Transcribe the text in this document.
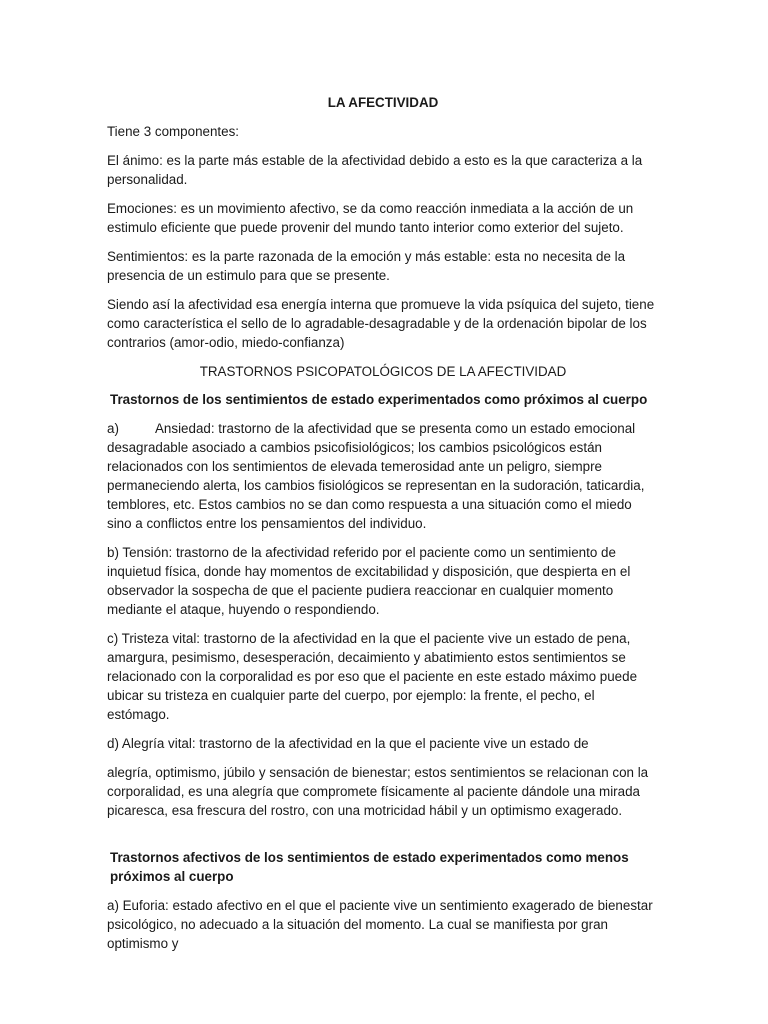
LA AFECTIVIDAD

Tiene 3 componentes:

El ánimo: es la parte más estable de la afectividad debido a esto es la que caracteriza a la personalidad.

Emociones: es un movimiento afectivo, se da como reacción inmediata a la acción de un estimulo eficiente que puede provenir del mundo tanto interior como exterior del sujeto.

Sentimientos: es la parte razonada de la emoción y más estable: esta no necesita de la presencia de un estimulo para que se presente.

Siendo así la afectividad esa energía interna que promueve la vida psíquica del sujeto, tiene como característica el sello de lo agradable-desagradable y de la ordenación bipolar de los contrarios (amor-odio, miedo-confianza)

TRASTORNOS PSICOPATOLÓGICOS DE LA AFECTIVIDAD

Trastornos de los sentimientos de estado experimentados como próximos al cuerpo

a)	Ansiedad: trastorno de la afectividad que se presenta como un estado emocional desagradable asociado a cambios psicofisiológicos; los cambios psicológicos están relacionados con los sentimientos de elevada temerosidad ante un peligro, siempre permaneciendo alerta, los cambios fisiológicos se representan en la sudoración, taticardia, temblores, etc. Estos cambios no se dan como respuesta a una situación como el miedo sino a conflictos entre los pensamientos del individuo.

b) Tensión: trastorno de la afectividad referido por el paciente como un sentimiento de inquietud física, donde hay momentos de excitabilidad y disposición, que despierta en el observador la sospecha de que el paciente pudiera reaccionar en cualquier momento mediante el ataque, huyendo o respondiendo.

c) Tristeza vital: trastorno de la afectividad en la que el paciente vive un estado de pena, amargura, pesimismo, desesperación, decaimiento y abatimiento estos sentimientos se relacionado con la corporalidad es por eso que el paciente en este estado máximo puede ubicar su tristeza en cualquier parte del cuerpo, por ejemplo: la frente, el pecho, el estómago.

d) Alegría vital: trastorno de la afectividad en la que el paciente vive un estado de

alegría, optimismo, júbilo y sensación de bienestar; estos sentimientos se relacionan con la corporalidad, es una alegría que compromete físicamente al paciente dándole una mirada picaresca, esa frescura del rostro, con una motricidad hábil y un optimismo exagerado.

Trastornos afectivos de los sentimientos de estado experimentados como menos próximos al cuerpo

a) Euforia: estado afectivo en el que el paciente vive un sentimiento exagerado de bienestar psicológico, no adecuado a la situación del momento. La cual se manifiesta por gran optimismo y
